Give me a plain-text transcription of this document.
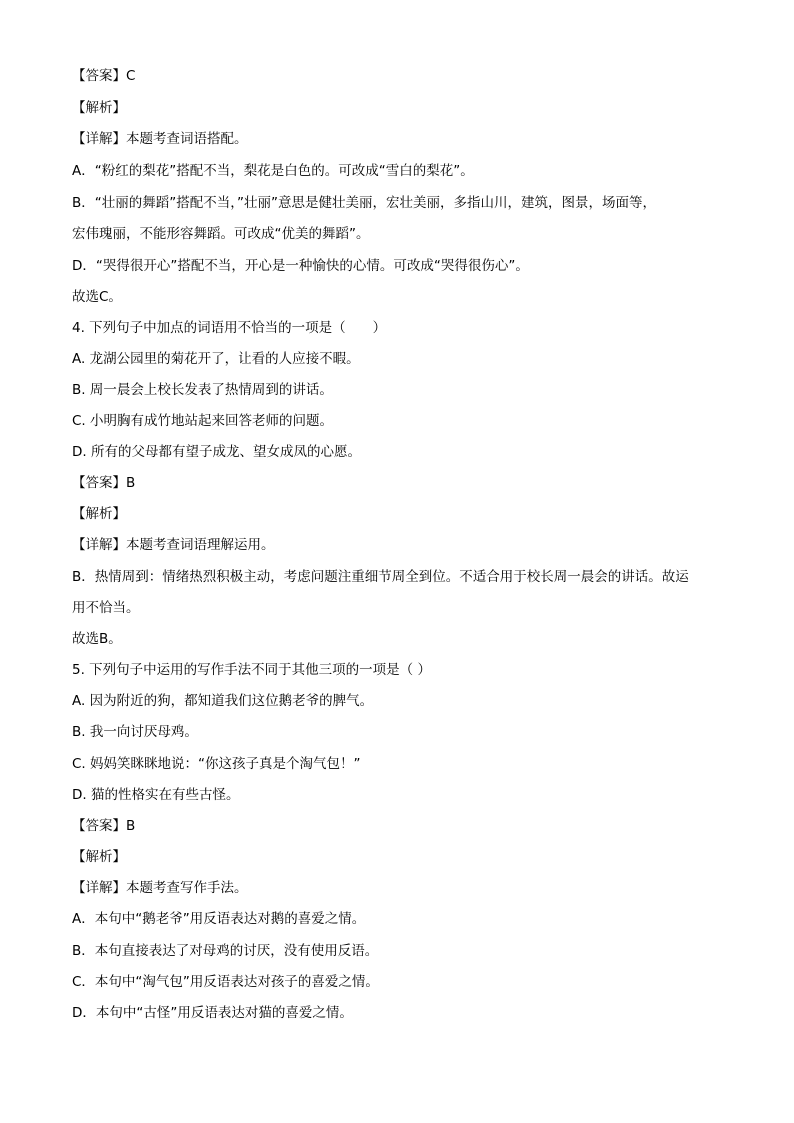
【答案】C
【解析】
【详解】本题考查词语搭配。
A．“粉红的梨花”搭配不当，梨花是白色的。可改成“雪白的梨花”。
B．“壮丽的舞蹈”搭配不当，”壮丽”意思是健壮美丽，宏壮美丽，多指山川，建筑，图景，场面等，
宏伟瑰丽，不能形容舞蹈。可改成“优美的舞蹈”。
D．“哭得很开心”搭配不当，开心是一种愉快的心情。可改成“哭得很伤心”。
故选C。
4. 下列句子中加点的词语用不恰当的一项是（　　）
A. 龙湖公园里的菊花开了，让看的人应接不暇。
B. 周一晨会上校长发表了热情周到的讲话。
C. 小明胸有成竹地站起来回答老师的问题。
D. 所有的父母都有望子成龙、望女成凤的心愿。
【答案】B
【解析】
【详解】本题考查词语理解运用。
B．热情周到：情绪热烈积极主动，考虑问题注重细节周全到位。不适合用于校长周一晨会的讲话。故运
用不恰当。
故选B。
5. 下列句子中运用的写作手法不同于其他三项的一项是（ ）
A. 因为附近的狗，都知道我们这位鹅老爷的脾气。
B. 我一向讨厌母鸡。
C. 妈妈笑眯眯地说：“你这孩子真是个淘气包！”
D. 猫的性格实在有些古怪。
【答案】B
【解析】
【详解】本题考查写作手法。
A．本句中“鹅老爷”用反语表达对鹅的喜爱之情。
B．本句直接表达了对母鸡的讨厌，没有使用反语。
C．本句中“淘气包”用反语表达对孩子的喜爱之情。
D．本句中“古怪”用反语表达对猫的喜爱之情。
